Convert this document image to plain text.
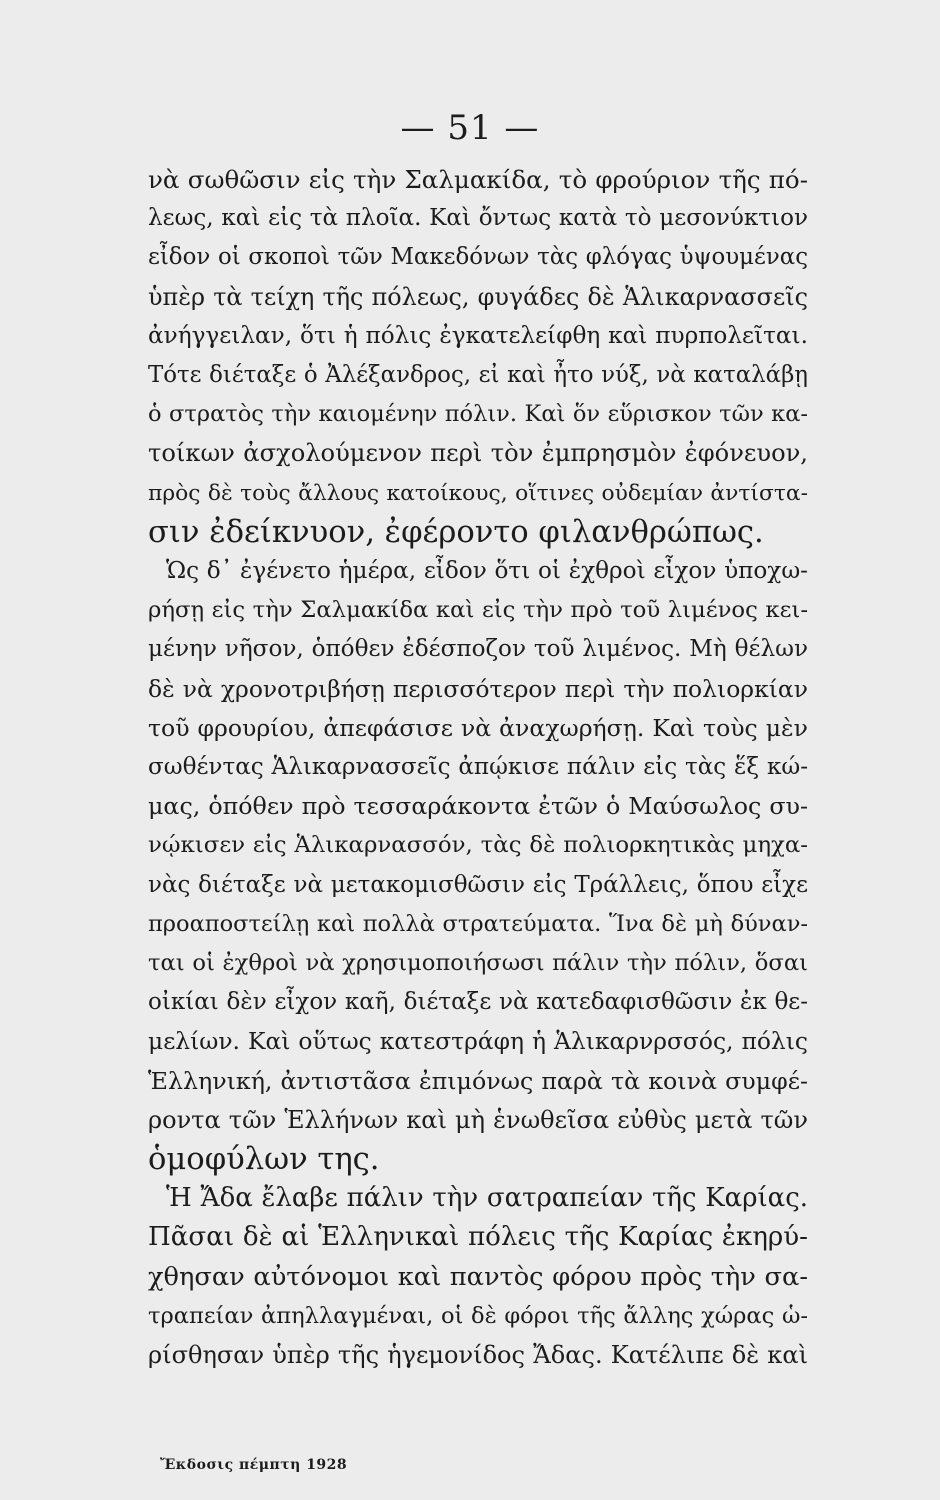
— 51 —
νὰ σωθῶσιν εἰς τὴν Σαλμακίδα, τὸ φρούριον τῆς πό-
λεως, καὶ εἰς τὰ πλοῖα. Καὶ ὄντως κατὰ τὸ μεσονύκτιον
εἶδον οἱ σκοποὶ τῶν Μακεδόνων τὰς φλόγας ὑψουμένας
ὑπὲρ τὰ τείχη τῆς πόλεως, φυγάδες δὲ Ἁλικαρνασσεῖς
ἀνήγγειλαν, ὅτι ἡ πόλις ἐγκατελείφθη καὶ πυρπολεῖται.
Τότε διέταξε ὁ Ἀλέξανδρος, εἰ καὶ ἦτο νύξ, νὰ καταλάβῃ
ὁ στρατὸς τὴν καιομένην πόλιν. Καὶ ὅν εὕρισκον τῶν κα-
τοίκων ἀσχολούμενον περὶ τὸν ἐμπρησμὸν ἐφόνευον,
πρὸς δὲ τοὺς ἄλλους κατοίκους, οἵτινες οὐδεμίαν ἀντίστα-
σιν ἐδείκνυον, ἐφέροντο φιλανθρώπως.
Ὡς δ᾽ ἐγένετο ἡμέρα, εἶδον ὅτι οἱ ἐχθροὶ εἶχον ὑποχω-
ρήσῃ εἰς τὴν Σαλμακίδα καὶ εἰς τὴν πρὸ τοῦ λιμένος κει-
μένην νῆσον, ὁπόθεν ἐδέσποζον τοῦ λιμένος. Μὴ θέλων
δὲ νὰ χρονοτριβήσῃ περισσότερον περὶ τὴν πολιορκίαν
τοῦ φρουρίου, ἀπεφάσισε νὰ ἀναχωρήσῃ. Καὶ τοὺς μὲν
σωθέντας Ἁλικαρνασσεῖς ἀπῴκισε πάλιν εἰς τὰς ἕξ κώ-
μας, ὁπόθεν πρὸ τεσσαράκοντα ἐτῶν ὁ Μαύσωλος συ-
νῴκισεν εἰς Ἁλικαρνασσόν, τὰς δὲ πολιορκητικὰς μηχα-
νὰς διέταξε νὰ μετακομισθῶσιν εἰς Τράλλεις, ὅπου εἶχε
προαποστείλῃ καὶ πολλὰ στρατεύματα. Ἵνα δὲ μὴ δύναν-
ται οἱ ἐχθροὶ νὰ χρησιμοποιήσωσι πάλιν τὴν πόλιν, ὅσαι
οἰκίαι δὲν εἶχον καῆ, διέταξε νὰ κατεδαφισθῶσιν ἐκ θε-
μελίων. Καὶ οὕτως κατεστράφη ἡ Ἁλικαρνρσσός, πόλις
Ἑλληνική, ἀντιστᾶσα ἐπιμόνως παρὰ τὰ κοινὰ συμφέ-
ροντα τῶν Ἑλλήνων καὶ μὴ ἑνωθεῖσα εὐθὺς μετὰ τῶν
ὁμοφύλων της.
Ἡ Ἄδα ἔλαβε πάλιν τὴν σατραπείαν τῆς Καρίας.
Πᾶσαι δὲ αἱ Ἑλληνικαὶ πόλεις τῆς Καρίας ἐκηρύ-
χθησαν αὐτόνομοι καὶ παντὸς φόρου πρὸς τὴν σα-
τραπείαν ἀπηλλαγμέναι, οἱ δὲ φόροι τῆς ἄλλης χώρας ὡ-
ρίσθησαν ὑπὲρ τῆς ἡγεμονίδος Ἄδας. Κατέλιπε δὲ καὶ
Ἔκδοσις πέμπτη 1928
